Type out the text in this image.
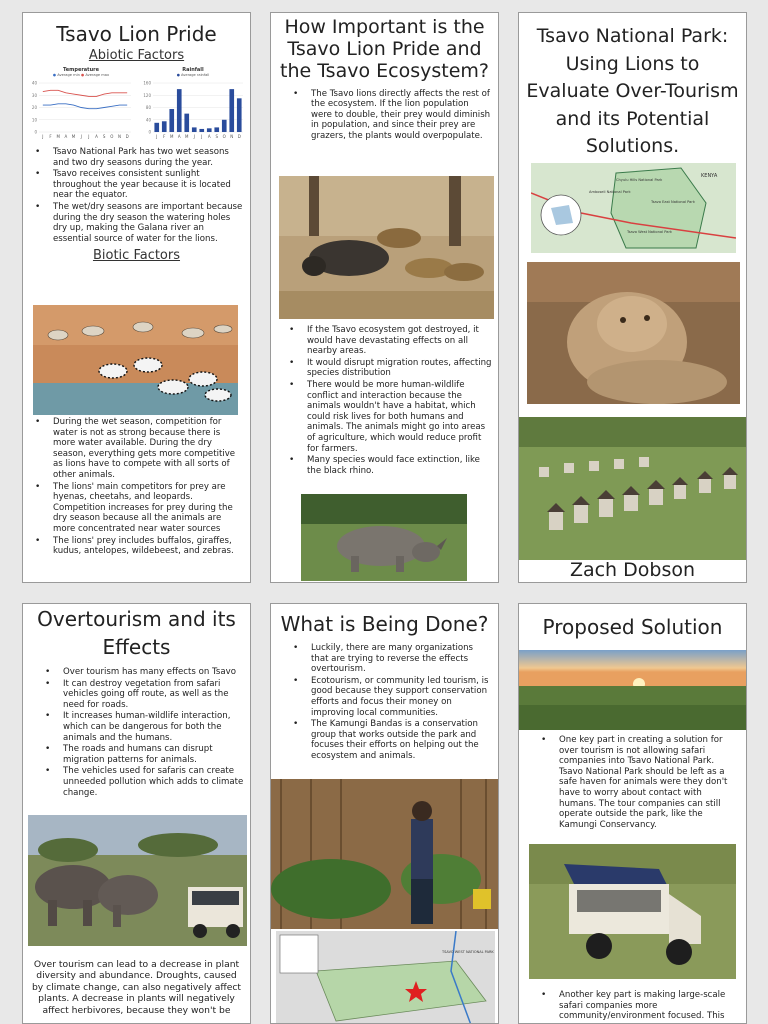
Tsavo Lion Pride
Abiotic Factors
Temperature
● Average min ● Average max
0
10
20
30
40
J F M A M J J A S O N D
Rainfall
● Average rainfall
0
40
80
120
160
J F M A M J J A S O N D
• Tsavo National Park has two wet seasons and two dry seasons during the year.
• Tsavo receives consistent sunlight throughout the year because it is located near the equator.
• The wet/dry seasons are important because during the dry season the watering holes dry up, making the Galana river an essential source of water for the lions.
Biotic Factors
• During the wet season, competition for water is not as strong because there is more water available. During the dry season, everything gets more competitive as lions have to compete with all sorts of other animals.
• The lions' main competitors for prey are hyenas, cheetahs, and leopards. Competition increases for prey during the dry season because all the animals are more concentrated near water sources
• The lions' prey includes buffalos, giraffes, kudus, antelopes, wildebeest, and zebras.
How Important is the Tsavo Lion Pride and the Tsavo Ecosystem?
• The Tsavo lions directly affects the rest of the ecosystem. If the lion population were to double, their prey would diminish in population, and since their prey are grazers, the plants would overpopulate.
• If the Tsavo ecosystem got destroyed, it would have devastating effects on all nearby areas.
• It would disrupt migration routes, affecting species distribution
• There would be more human-wildlife conflict and interaction because the animals wouldn't have a habitat, which could risk lives for both humans and animals. The animals might go into areas of agriculture, which would reduce profit for farmers.
• Many species would face extinction, like the black rhino.
Tsavo National Park: Using Lions to Evaluate Over-Tourism and its Potential Solutions.
KENYA
Amboseli National Park
Chyulu Hills National Park
Tsavo East National Park
Tsavo West National Park
Zach Dobson
Overtourism and its Effects
• Over tourism has many effects on Tsavo
• It can destroy vegetation from safari vehicles going off route, as well as the need for roads.
• It increases human-wildlife interaction, which can be dangerous for both the animals and the humans.
• The roads and humans can disrupt migration patterns for animals.
• The vehicles used for safaris can create unneeded pollution which adds to climate change.

Over tourism can lead to a decrease in plant diversity and abundance. Droughts, caused by climate change, can also negatively affect plants. A decrease in plants will negatively affect herbivores, because they won't be

What is Being Done?
• Luckily, there are many organizations that are trying to reverse the effects overtourism.
• Ecotourism, or community led tourism, is good because they support conservation efforts and focus their money on improving local communities.
• The Kamungi Bandas is a conservation group that works outside the park and focuses their efforts on helping out the ecosystem and animals.
TSAVO WEST NATIONAL PARK
Proposed Solution
• One key part in creating a solution for over tourism is not allowing safari companies into Tsavo National Park. Tsavo National Park should be left as a safe haven for animals were they don't have to worry about contact with humans. The tour companies can still operate outside the park, like the Kamungi Conservancy.
• Another key part is making large-scale safari companies more community/environment focused. This
